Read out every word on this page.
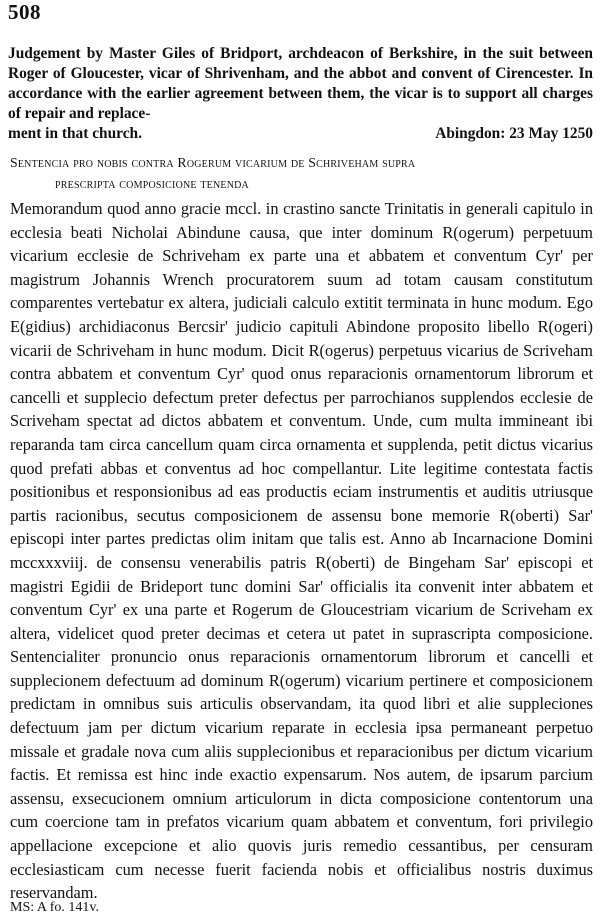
508
Judgement by Master Giles of Bridport, archdeacon of Berkshire, in the suit between Roger of Gloucester, vicar of Shrivenham, and the abbot and convent of Cirencester. In accordance with the earlier agreement between them, the vicar is to support all charges of repair and replace-
ment in that church.	Abingdon: 23 May 1250
Sentencia pro nobis contra Rogerum vicarium de Schriveham supra
prescripta composicione tenenda
Memorandum quod anno gracie mccl. in crastino sancte Trinitatis in generali capitulo in ecclesia beati Nicholai Abindune causa, que inter dominum R(ogerum) perpetuum vicarium ecclesie de Schriveham ex parte una et abbatem et conventum Cyr' per magistrum Johannis Wrench procuratorem suum ad totam causam constitutum comparentes vertebatur ex altera, judiciali calculo extitit terminata in hunc modum. Ego E(gidius) archidiaconus Bercsir' judicio capituli Abindone proposito libello R(ogeri) vicarii de Schriveham in hunc modum. Dicit R(ogerus) perpetuus vicarius de Scriveham contra abbatem et conventum Cyr' quod onus reparacionis ornamentorum librorum et cancelli et supplecio defectum preter defectus per parrochianos supplendos ecclesie de Scriveham spectat ad dictos abbatem et conventum. Unde, cum multa immineant ibi reparanda tam circa cancellum quam circa ornamenta et supplenda, petit dictus vicarius quod prefati abbas et conventus ad hoc compellantur. Lite legitime contestata factis positionibus et responsionibus ad eas productis eciam instrumentis et auditis utriusque partis racionibus, secutus composicionem de assensu bone memorie R(oberti) Sar' episcopi inter partes predictas olim initam que talis est. Anno ab Incarnacione Domini mccxxxviij. de consensu venerabilis patris R(oberti) de Bingeham Sar' episcopi et magistri Egidii de Brideport tunc domini Sar' officialis ita convenit inter abbatem et conventum Cyr' ex una parte et Rogerum de Gloucestriam vicarium de Scriveham ex altera, videlicet quod preter decimas et cetera ut patet in suprascripta composicione. Sentencialiter pronuncio onus reparacionis ornamentorum librorum et cancelli et supplecionem defectuum ad dominum R(ogerum) vicarium pertinere et composicionem predictam in omnibus suis articulis observandam, ita quod libri et alie suppleciones defectuum jam per dictum vicarium reparate in ecclesia ipsa permaneant perpetuo missale et gradale nova cum aliis supplecionibus et reparacionibus per dictum vicarium factis. Et remissa est hinc inde exactio expensarum. Nos autem, de ipsarum parcium assensu, exsecucionem omnium articulorum in dicta composicione contentorum una cum coercione tam in prefatos vicarium quam abbatem et conventum, fori privilegio appellacione excepcione et alio quovis juris remedio cessantibus, per censuram ecclesiasticam cum necesse fuerit facienda nobis et officialibus nostris duximus reservandam.
MS: A fo. 141v.
